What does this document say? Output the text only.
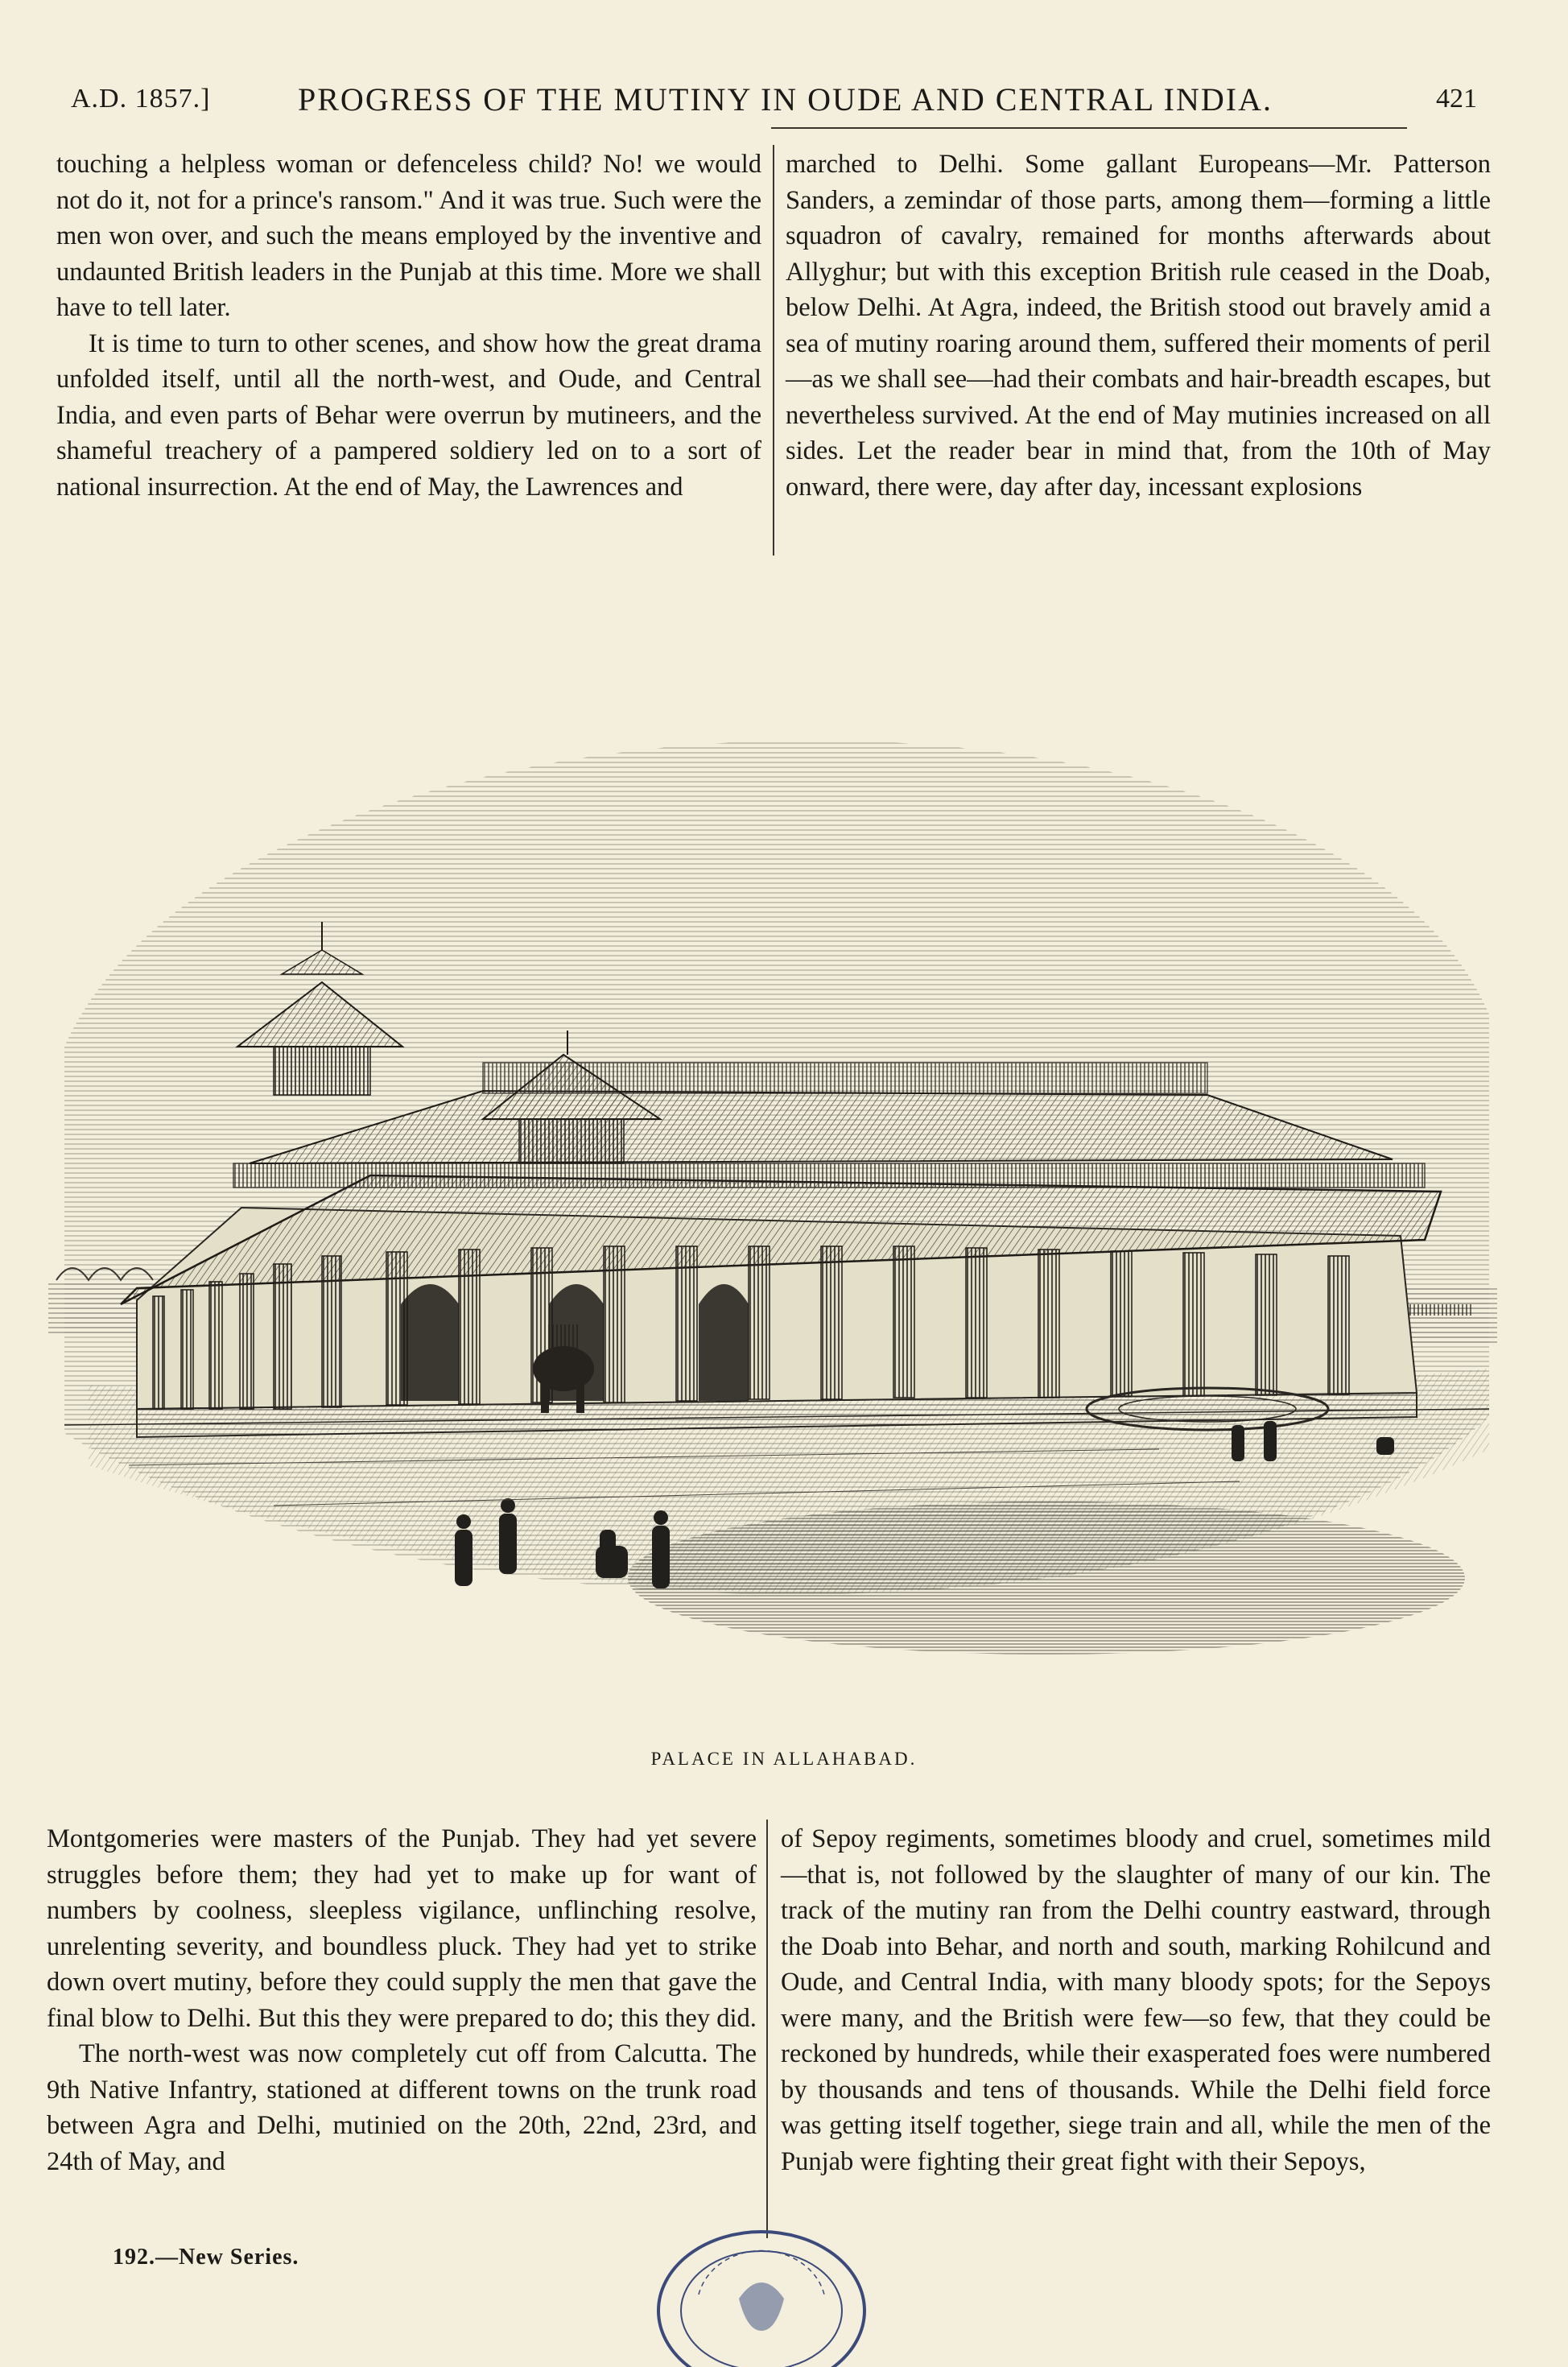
A.D. 1857.]	PROGRESS OF THE MUTINY IN OUDE AND CENTRAL INDIA.	421

touching a helpless woman or defenceless child? No! we would not do it, not for a prince's ransom." And it was true. Such were the men won over, and such the means employed by the inventive and undaunted British leaders in the Punjab at this time. More we shall have to tell later.

It is time to turn to other scenes, and show how the great drama unfolded itself, until all the north-west, and Oude, and Central India, and even parts of Behar were overrun by mutineers, and the shameful treachery of a pampered soldiery led on to a sort of national insurrection. At the end of May, the Lawrences and

marched to Delhi. Some gallant Europeans—Mr. Patterson Sanders, a zemindar of those parts, among them—forming a little squadron of cavalry, remained for months afterwards about Allyghur; but with this exception British rule ceased in the Doab, below Delhi. At Agra, indeed, the British stood out bravely amid a sea of mutiny roaring around them, suffered their moments of peril—as we shall see—had their combats and hair-breadth escapes, but nevertheless survived. At the end of May mutinies increased on all sides. Let the reader bear in mind that, from the 10th of May onward, there were, day after day, incessant explosions

PALACE IN ALLAHABAD.

Montgomeries were masters of the Punjab. They had yet severe struggles before them; they had yet to make up for want of numbers by coolness, sleepless vigilance, unflinching resolve, unrelenting severity, and boundless pluck. They had yet to strike down overt mutiny, before they could supply the men that gave the final blow to Delhi. But this they were prepared to do; this they did.

The north-west was now completely cut off from Calcutta. The 9th Native Infantry, stationed at different towns on the trunk road between Agra and Delhi, mutinied on the 20th, 22nd, 23rd, and 24th of May, and

of Sepoy regiments, sometimes bloody and cruel, sometimes mild—that is, not followed by the slaughter of many of our kin. The track of the mutiny ran from the Delhi country eastward, through the Doab into Behar, and north and south, marking Rohilcund and Oude, and Central India, with many bloody spots; for the Sepoys were many, and the British were few—so few, that they could be reckoned by hundreds, while their exasperated foes were numbered by thousands and tens of thousands. While the Delhi field force was getting itself together, siege train and all, while the men of the Punjab were fighting their great fight with their Sepoys,

192.—New Series.
